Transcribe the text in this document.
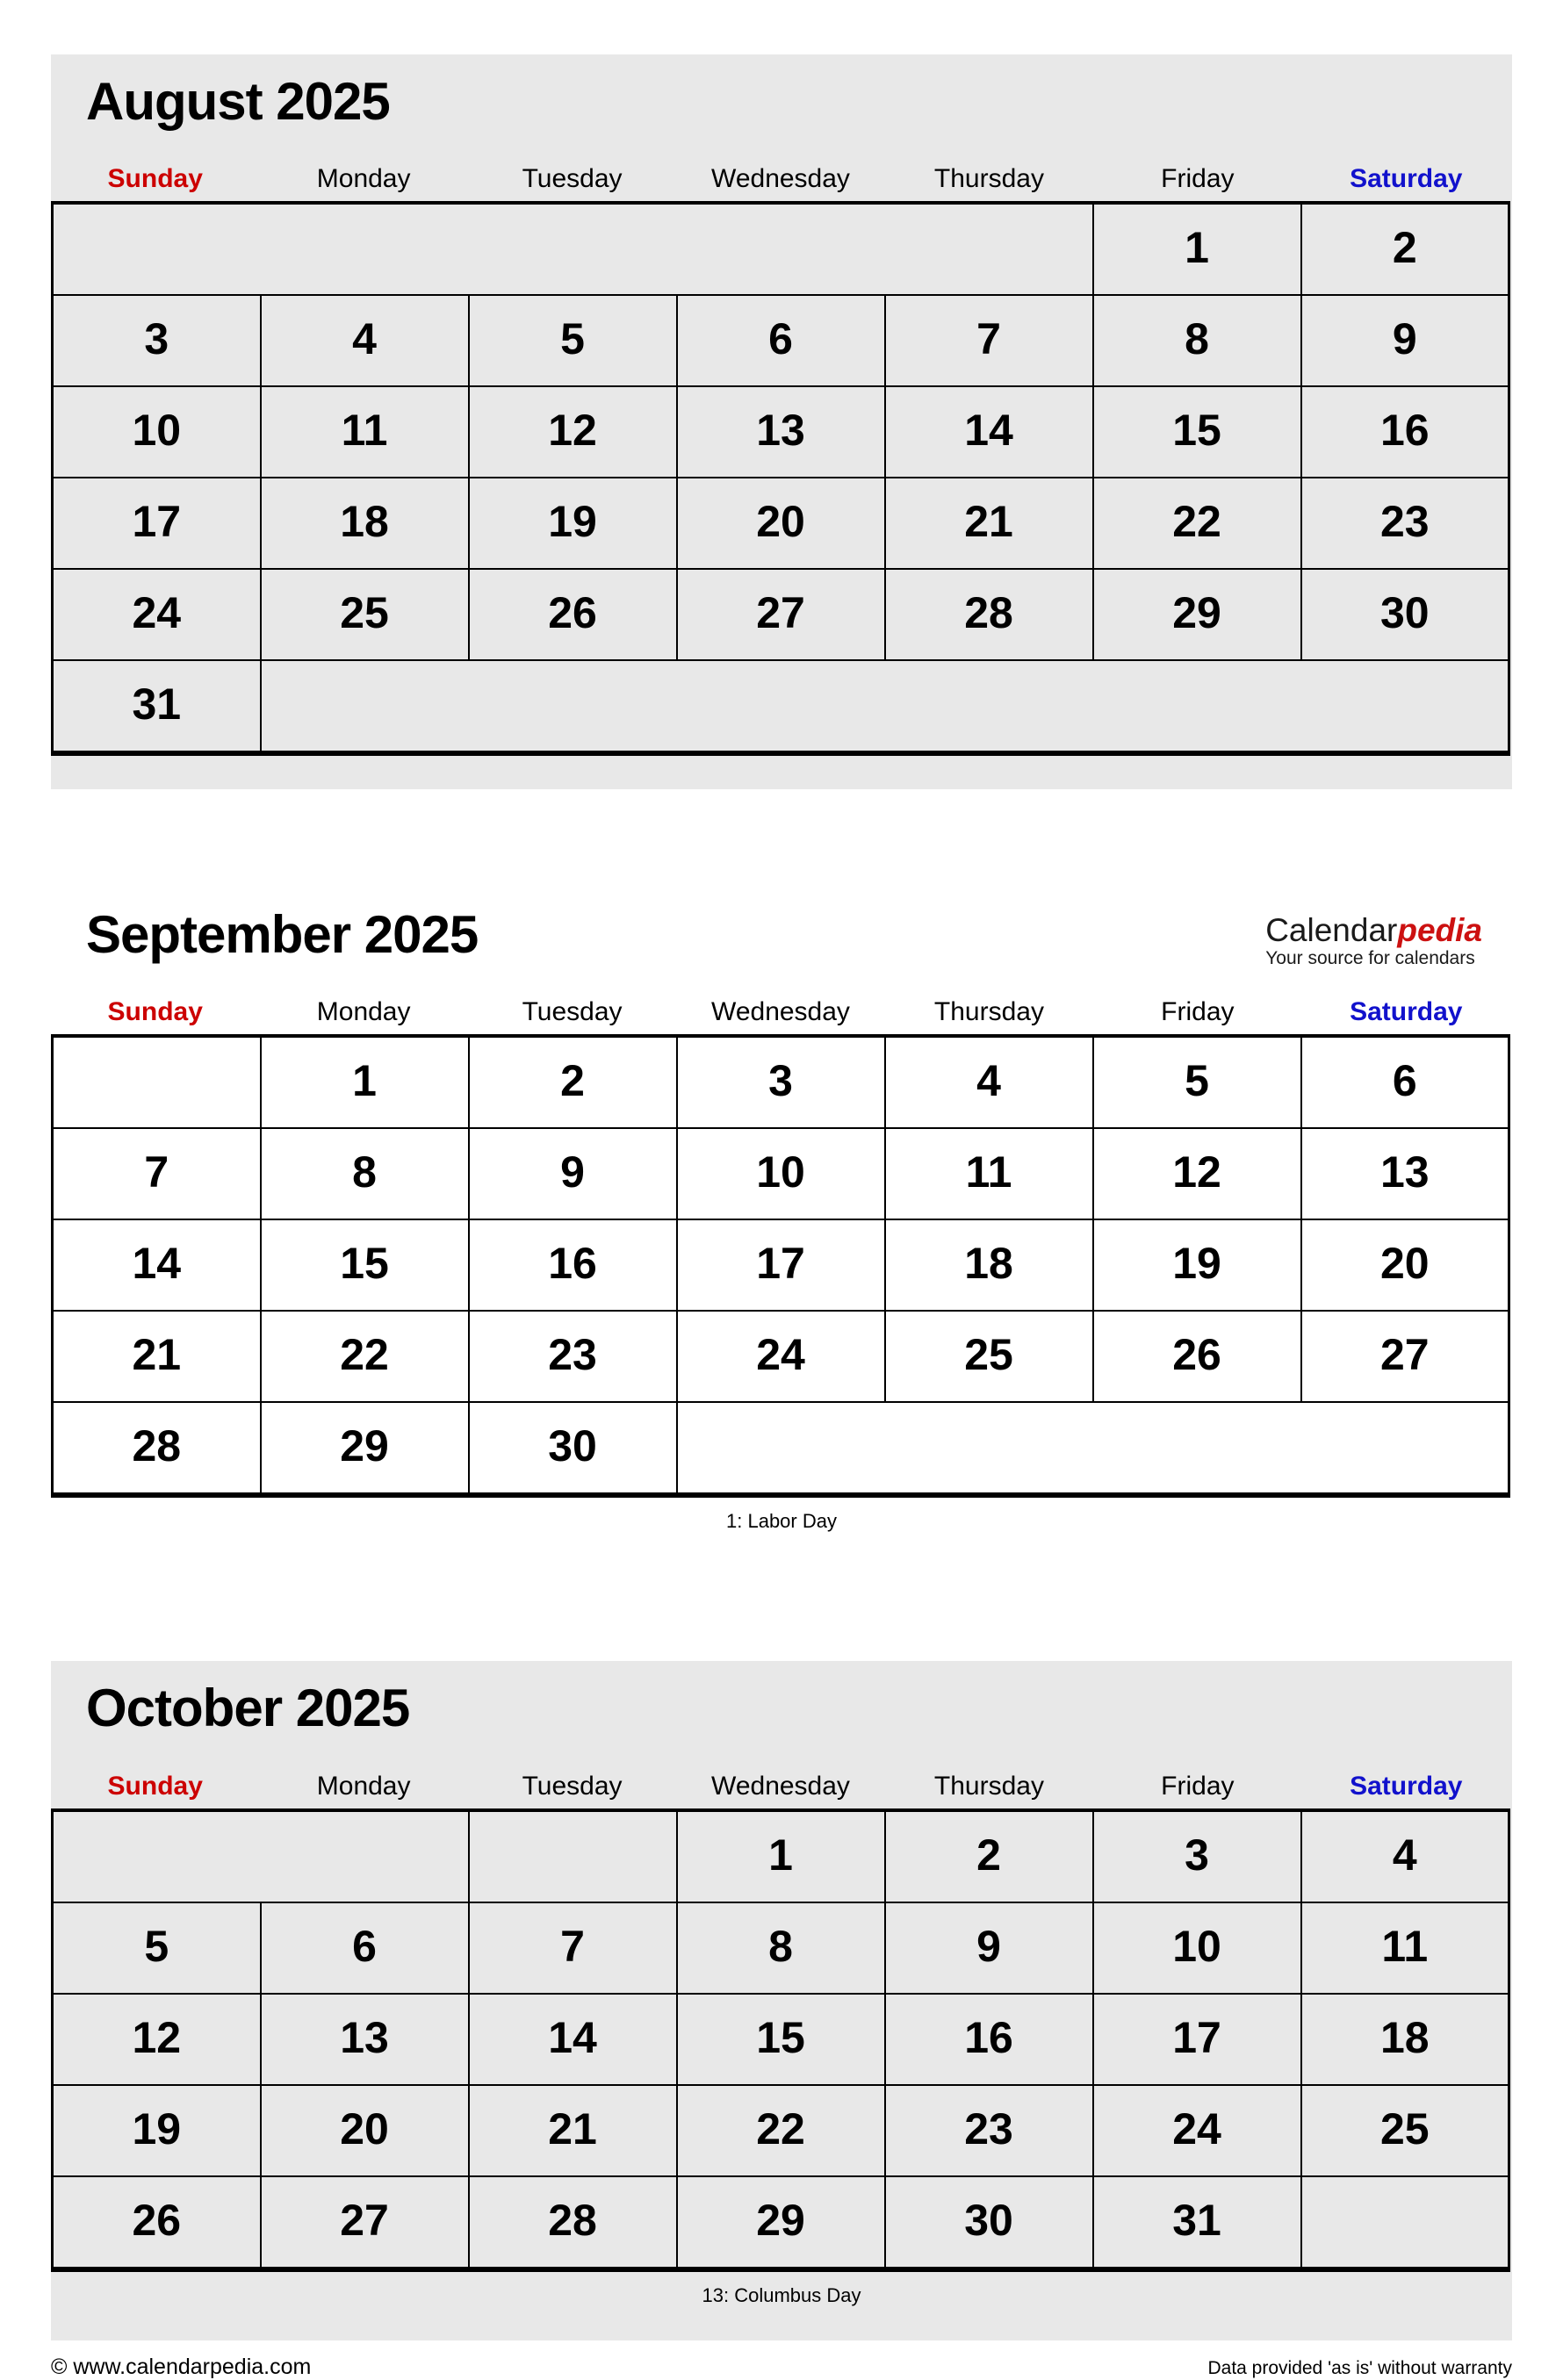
August 2025
Sunday	Monday	Tuesday	Wednesday	Thursday	Friday	Saturday
					1	2
3	4	5	6	7	8	9
10	11	12	13	14	15	16
17	18	19	20	21	22	23
24	25	26	27	28	29	30
31						
September 2025	Calendarpedia
Your source for calendars
Sunday	Monday	Tuesday	Wednesday	Thursday	Friday	Saturday
	1	2	3	4	5	6
7	8	9	10	11	12	13
14	15	16	17	18	19	20
21	22	23	24	25	26	27
28	29	30				
1: Labor Day
October 2025
Sunday	Monday	Tuesday	Wednesday	Thursday	Friday	Saturday
			1	2	3	4
5	6	7	8	9	10	11
12	13	14	15	16	17	18
19	20	21	22	23	24	25
26	27	28	29	30	31	
13: Columbus Day
© www.calendarpedia.com	Data provided 'as is' without warranty
